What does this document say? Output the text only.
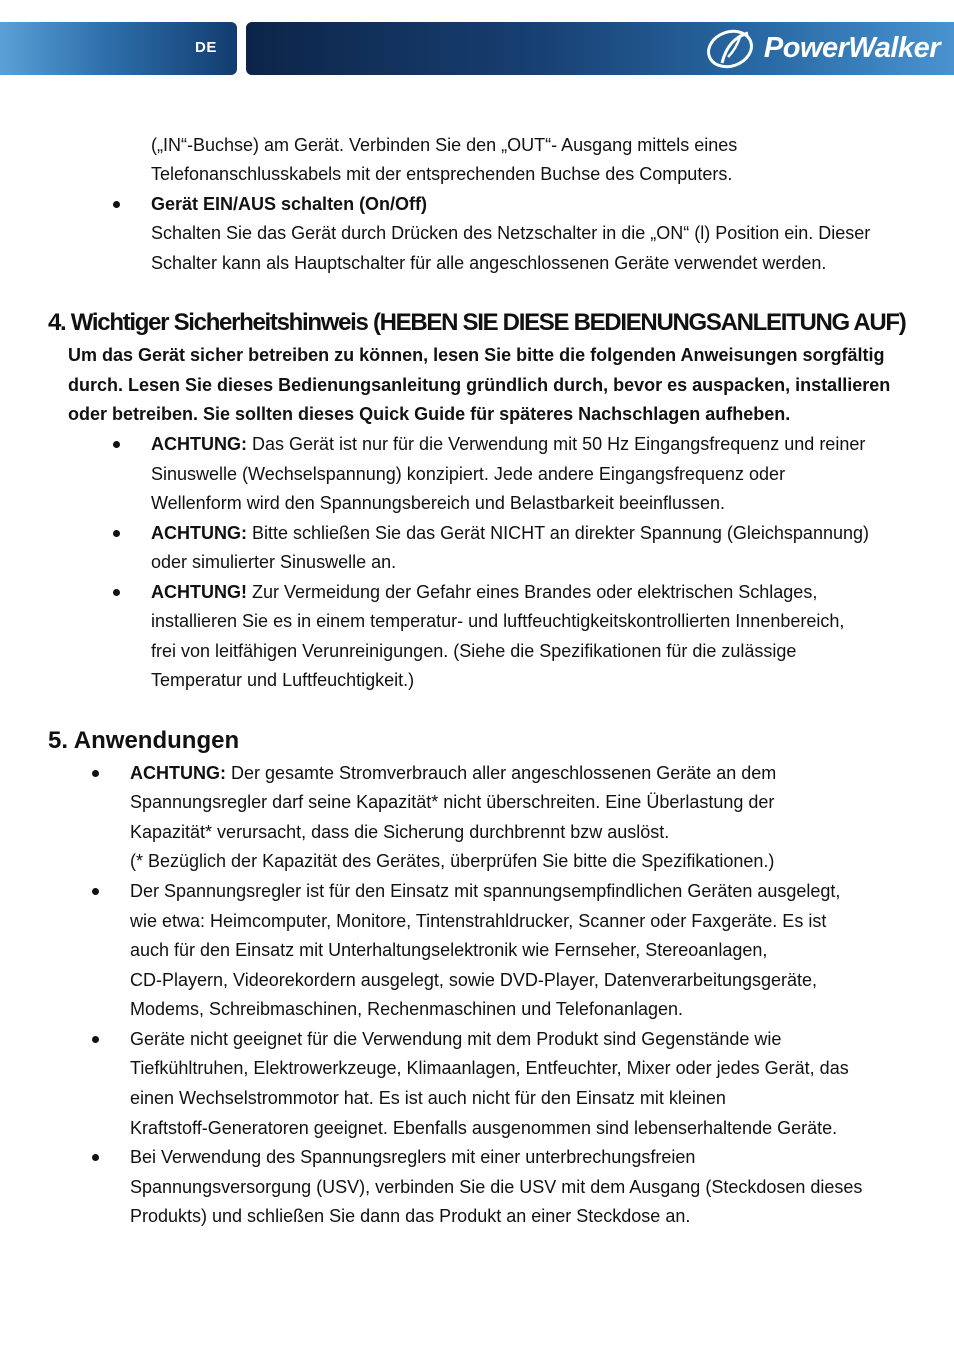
DE	PowerWalker
(„IN“-Buchse) am Gerät. Verbinden Sie den „OUT“- Ausgang mittels eines
Telefonanschlusskabels mit der entsprechenden Buchse des Computers.
Gerät EIN/AUS schalten (On/Off)
Schalten Sie das Gerät durch Drücken des Netzschalter in die „ON“ (l) Position ein. Dieser
Schalter kann als Hauptschalter für alle angeschlossenen Geräte verwendet werden.
4. Wichtiger Sicherheitshinweis (HEBEN SIE DIESE BEDIENUNGSANLEITUNG AUF)
Um das Gerät sicher betreiben zu können, lesen Sie bitte die folgenden Anweisungen sorgfältig
durch. Lesen Sie dieses Bedienungsanleitung gründlich durch, bevor es auspacken, installieren
oder betreiben. Sie sollten dieses Quick Guide für späteres Nachschlagen aufheben.
ACHTUNG: Das Gerät ist nur für die Verwendung mit 50 Hz Eingangsfrequenz und reiner
Sinuswelle (Wechselspannung) konzipiert. Jede andere Eingangsfrequenz oder
Wellenform wird den Spannungsbereich und Belastbarkeit beeinflussen.
ACHTUNG: Bitte schließen Sie das Gerät NICHT an direkter Spannung (Gleichspannung)
oder simulierter Sinuswelle an.
ACHTUNG! Zur Vermeidung der Gefahr eines Brandes oder elektrischen Schlages,
installieren Sie es in einem temperatur- und luftfeuchtigkeitskontrollierten Innenbereich,
frei von leitfähigen Verunreinigungen. (Siehe die Spezifikationen für die zulässige
Temperatur und Luftfeuchtigkeit.)
5. Anwendungen
ACHTUNG: Der gesamte Stromverbrauch aller angeschlossenen Geräte an dem
Spannungsregler darf seine Kapazität* nicht überschreiten. Eine Überlastung der
Kapazität* verursacht, dass die Sicherung durchbrennt bzw auslöst.
(* Bezüglich der Kapazität des Gerätes, überprüfen Sie bitte die Spezifikationen.)
Der Spannungsregler ist für den Einsatz mit spannungsempfindlichen Geräten ausgelegt,
wie etwa: Heimcomputer, Monitore, Tintenstrahldrucker, Scanner oder Faxgeräte. Es ist
auch für den Einsatz mit Unterhaltungselektronik wie Fernseher, Stereoanlagen,
CD-Playern, Videorekordern ausgelegt, sowie DVD-Player, Datenverarbeitungsgeräte,
Modems, Schreibmaschinen, Rechenmaschinen und Telefonanlagen.
Geräte nicht geeignet für die Verwendung mit dem Produkt sind Gegenstände wie
Tiefkühltruhen, Elektrowerkzeuge, Klimaanlagen, Entfeuchter, Mixer oder jedes Gerät, das
einen Wechselstrommotor hat. Es ist auch nicht für den Einsatz mit kleinen
Kraftstoff-Generatoren geeignet. Ebenfalls ausgenommen sind lebenserhaltende Geräte.
Bei Verwendung des Spannungsreglers mit einer unterbrechungsfreien
Spannungsversorgung (USV), verbinden Sie die USV mit dem Ausgang (Steckdosen dieses
Produkts) und schließen Sie dann das Produkt an einer Steckdose an.
